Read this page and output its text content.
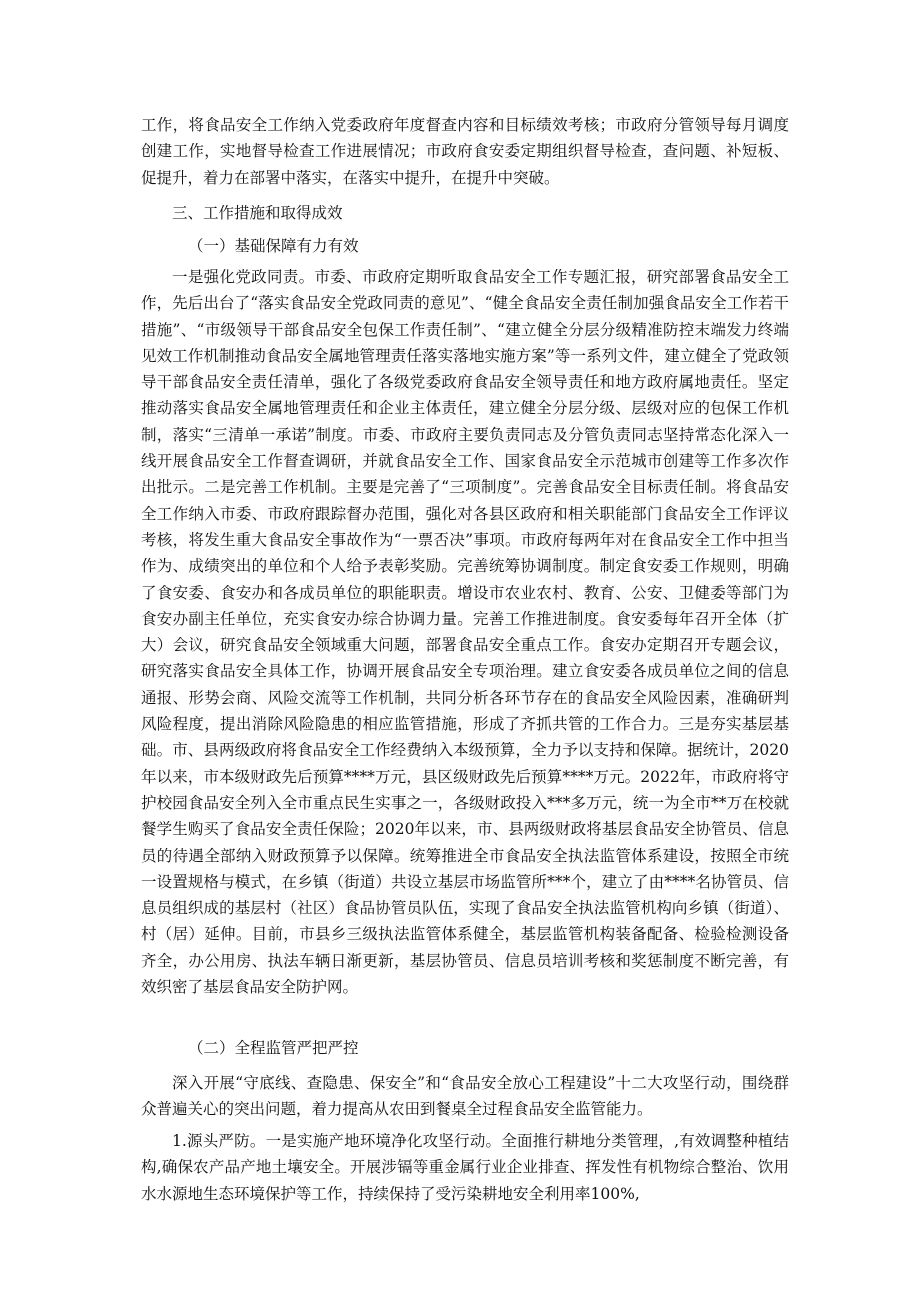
工作，将食品安全工作纳入党委政府年度督查内容和目标绩效考核；市政府分管领导每月调度创建工作，实地督导检查工作进展情况；市政府食安委定期组织督导检查，查问题、补短板、促提升，着力在部署中落实，在落实中提升，在提升中突破。

三、工作措施和取得成效

（一）基础保障有力有效

一是强化党政同责。市委、市政府定期听取食品安全工作专题汇报，研究部署食品安全工作，先后出台了“落实食品安全党政同责的意见”、“健全食品安全责任制加强食品安全工作若干措施”、“市级领导干部食品安全包保工作责任制”、“建立健全分层分级精准防控末端发力终端见效工作机制推动食品安全属地管理责任落实落地实施方案”等一系列文件，建立健全了党政领导干部食品安全责任清单，强化了各级党委政府食品安全领导责任和地方政府属地责任。坚定推动落实食品安全属地管理责任和企业主体责任，建立健全分层分级、层级对应的包保工作机制，落实“三清单一承诺”制度。市委、市政府主要负责同志及分管负责同志坚持常态化深入一线开展食品安全工作督查调研，并就食品安全工作、国家食品安全示范城市创建等工作多次作出批示。二是完善工作机制。主要是完善了“三项制度”。完善食品安全目标责任制。将食品安全工作纳入市委、市政府跟踪督办范围，强化对各县区政府和相关职能部门食品安全工作评议考核，将发生重大食品安全事故作为“一票否决”事项。市政府每两年对在食品安全工作中担当作为、成绩突出的单位和个人给予表彰奖励。完善统筹协调制度。制定食安委工作规则，明确了食安委、食安办和各成员单位的职能职责。增设市农业农村、教育、公安、卫健委等部门为食安办副主任单位，充实食安办综合协调力量。完善工作推进制度。食安委每年召开全体（扩大）会议，研究食品安全领域重大问题，部署食品安全重点工作。食安办定期召开专题会议，研究落实食品安全具体工作，协调开展食品安全专项治理。建立食安委各成员单位之间的信息通报、形势会商、风险交流等工作机制，共同分析各环节存在的食品安全风险因素，准确研判风险程度，提出消除风险隐患的相应监管措施，形成了齐抓共管的工作合力。三是夯实基层基础。市、县两级政府将食品安全工作经费纳入本级预算，全力予以支持和保障。据统计，2020年以来，市本级财政先后预算****万元，县区级财政先后预算****万元。2022年，市政府将守护校园食品安全列入全市重点民生实事之一，各级财政投入***多万元，统一为全市**万在校就餐学生购买了食品安全责任保险；2020年以来，市、县两级财政将基层食品安全协管员、信息员的待遇全部纳入财政预算予以保障。统筹推进全市食品安全执法监管体系建设，按照全市统一设置规格与模式，在乡镇（街道）共设立基层市场监管所***个，建立了由****名协管员、信息员组织成的基层村（社区）食品协管员队伍，实现了食品安全执法监管机构向乡镇（街道）、村（居）延伸。目前，市县乡三级执法监管体系健全，基层监管机构装备配备、检验检测设备齐全，办公用房、执法车辆日渐更新，基层协管员、信息员培训考核和奖惩制度不断完善，有效织密了基层食品安全防护网。

（二）全程监管严把严控

深入开展“守底线、查隐患、保安全”和“食品安全放心工程建设”十二大攻坚行动，围绕群众普遍关心的突出问题，着力提高从农田到餐桌全过程食品安全监管能力。

1.源头严防。一是实施产地环境净化攻坚行动。全面推行耕地分类管理，,有效调整种植结构,确保农产品产地土壤安全。开展涉镉等重金属行业企业排查、挥发性有机物综合整治、饮用水水源地生态环境保护等工作，持续保持了受污染耕地安全利用率100%,
